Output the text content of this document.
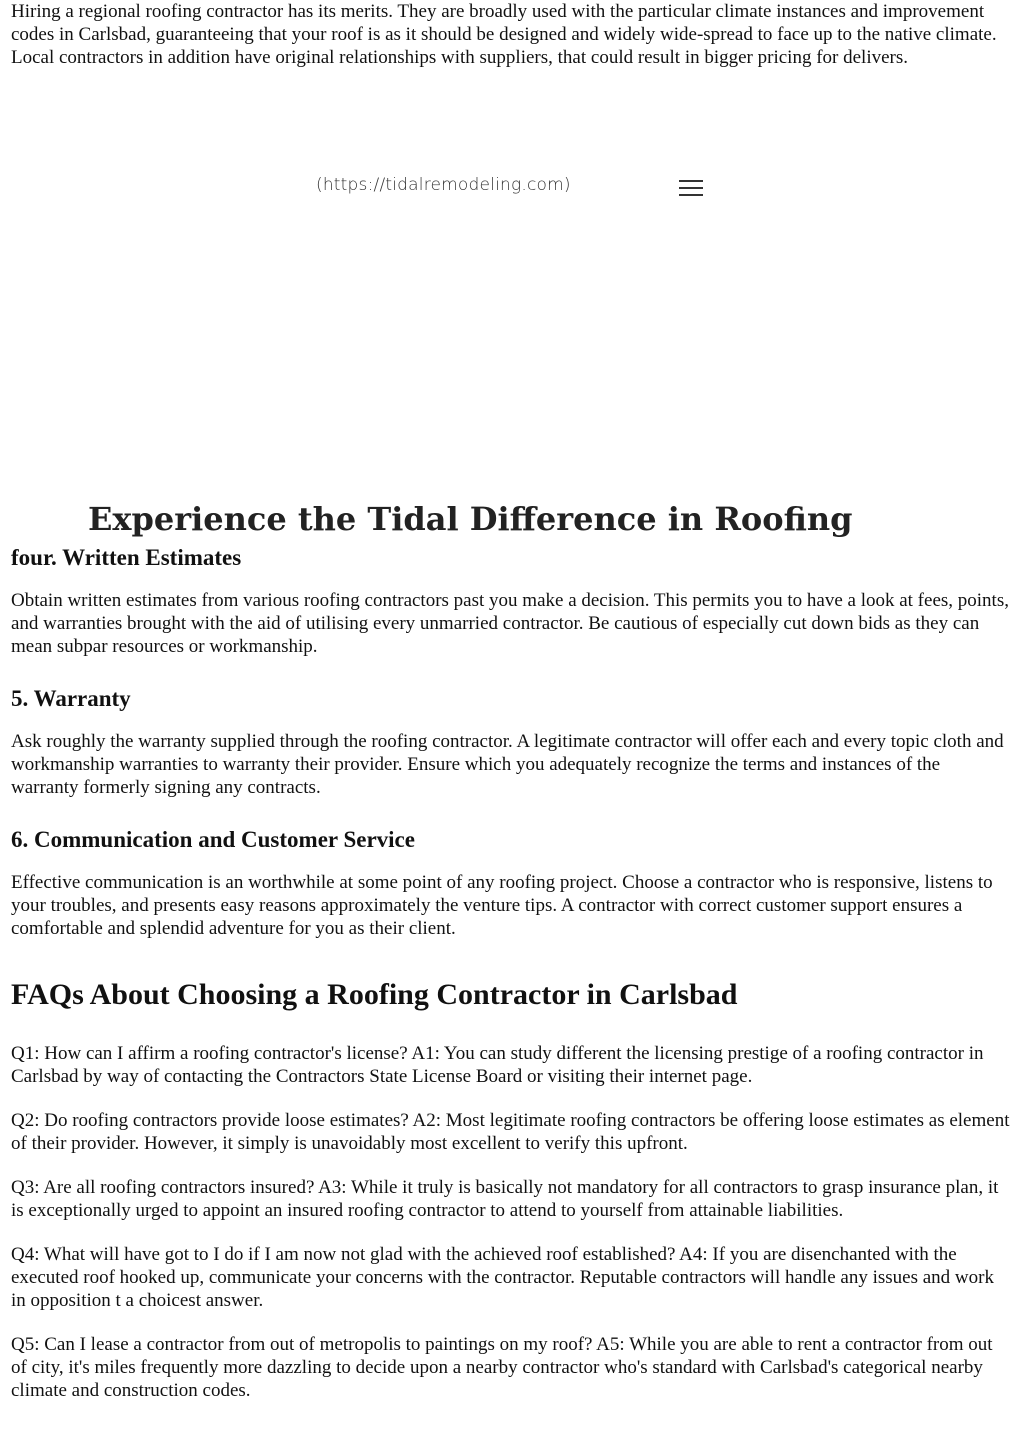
Hiring a regional roofing contractor has its merits. They are broadly used with the particular climate instances and improvement codes in Carlsbad, guaranteeing that your roof is as it should be designed and widely wide-spread to face up to the native climate. Local contractors in addition have original relationships with suppliers, that could result in bigger pricing for delivers.

(https://tidalremodeling.com)
Experience the Tidal Difference in Roofing
four. Written Estimates

Obtain written estimates from various roofing contractors past you make a decision. This permits you to have a look at fees, points, and warranties brought with the aid of utilising every unmarried contractor. Be cautious of especially cut down bids as they can mean subpar resources or workmanship.

5. Warranty

Ask roughly the warranty supplied through the roofing contractor. A legitimate contractor will offer each and every topic cloth and workmanship warranties to warranty their provider. Ensure which you adequately recognize the terms and instances of the warranty formerly signing any contracts.

6. Communication and Customer Service

Effective communication is an worthwhile at some point of any roofing project. Choose a contractor who is responsive, listens to your troubles, and presents easy reasons approximately the venture tips. A contractor with correct customer support ensures a comfortable and splendid adventure for you as their client.

FAQs About Choosing a Roofing Contractor in Carlsbad

Q1: How can I affirm a roofing contractor's license? A1: You can study different the licensing prestige of a roofing contractor in Carlsbad by way of contacting the Contractors State License Board or visiting their internet page.

Q2: Do roofing contractors provide loose estimates? A2: Most legitimate roofing contractors be offering loose estimates as element of their provider. However, it simply is unavoidably most excellent to verify this upfront.

Q3: Are all roofing contractors insured? A3: While it truly is basically not mandatory for all contractors to grasp insurance plan, it is exceptionally urged to appoint an insured roofing contractor to attend to yourself from attainable liabilities.

Q4: What will have got to I do if I am now not glad with the achieved roof established? A4: If you are disenchanted with the executed roof hooked up, communicate your concerns with the contractor. Reputable contractors will handle any issues and work in opposition t a choicest answer.

Q5: Can I lease a contractor from out of metropolis to paintings on my roof? A5: While you are able to rent a contractor from out of city, it's miles frequently more dazzling to decide upon a nearby contractor who's standard with Carlsbad's categorical nearby climate and construction codes.
